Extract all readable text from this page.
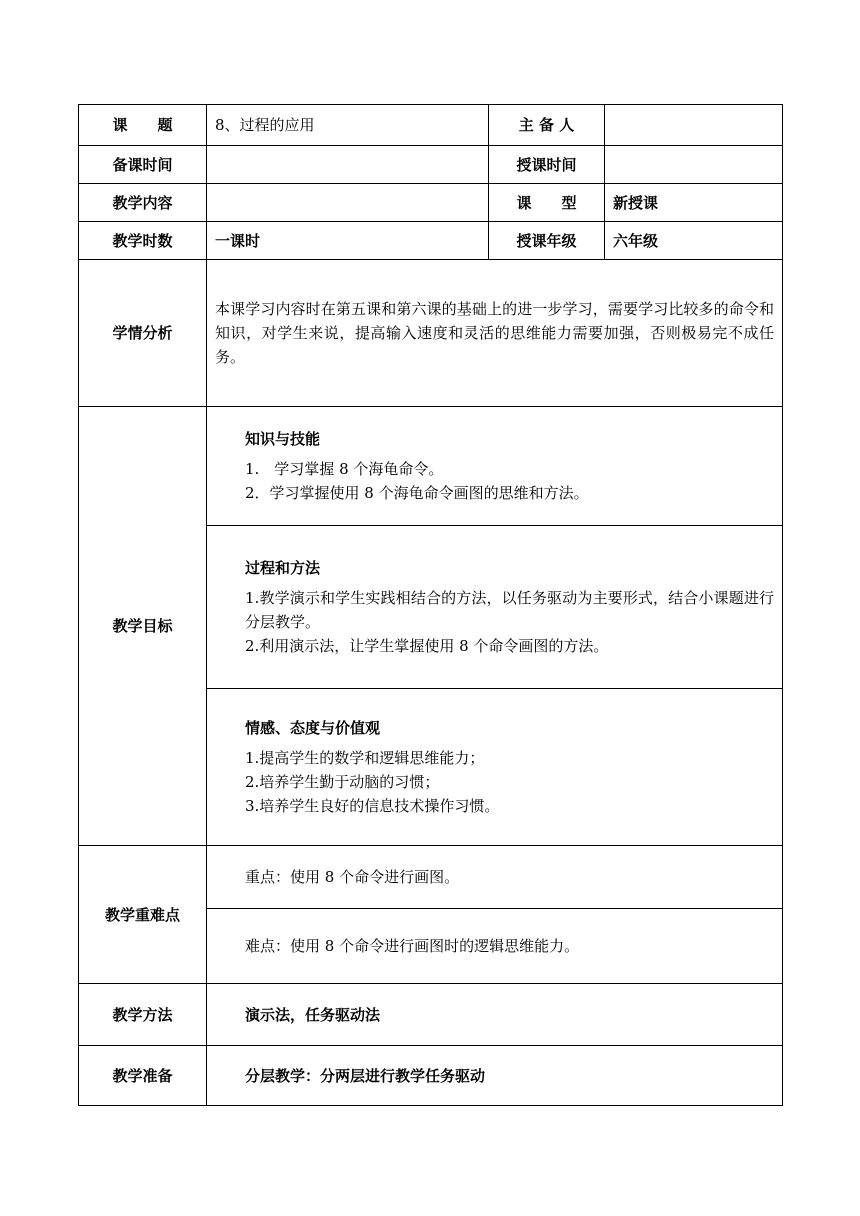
课　　题	8、过程的应用	主 备 人	
备课时间		授课时间	
教学内容		课　　型	新授课
教学时数	一课时	授课年级	六年级
学情分析	本课学习内容时在第五课和第六课的基础上的进一步学习，需要学习比较多的命令和知识，对学生来说，提高输入速度和灵活的思维能力需要加强，否则极易完不成任务。		
教学目标	知识与技能
1.　学习掌握 8 个海龟命令。
2．学习掌握使用 8 个海龟命令画图的思维和方法。		

	过程和方法
1.教学演示和学生实践相结合的方法，以任务驱动为主要形式，结合小课题进行分层教学。
2.利用演示法，让学生掌握使用 8 个命令画图的方法。		

	情感、态度与价值观
1.提高学生的数学和逻辑思维能力；
2.培养学生勤于动脑的习惯；
3.培养学生良好的信息技术操作习惯。		

教学重难点	重点：使用 8 个命令进行画图。		
	难点：使用 8 个命令进行画图时的逻辑思维能力。		
教学方法	演示法，任务驱动法		
教学准备	分层教学：分两层进行教学任务驱动		
